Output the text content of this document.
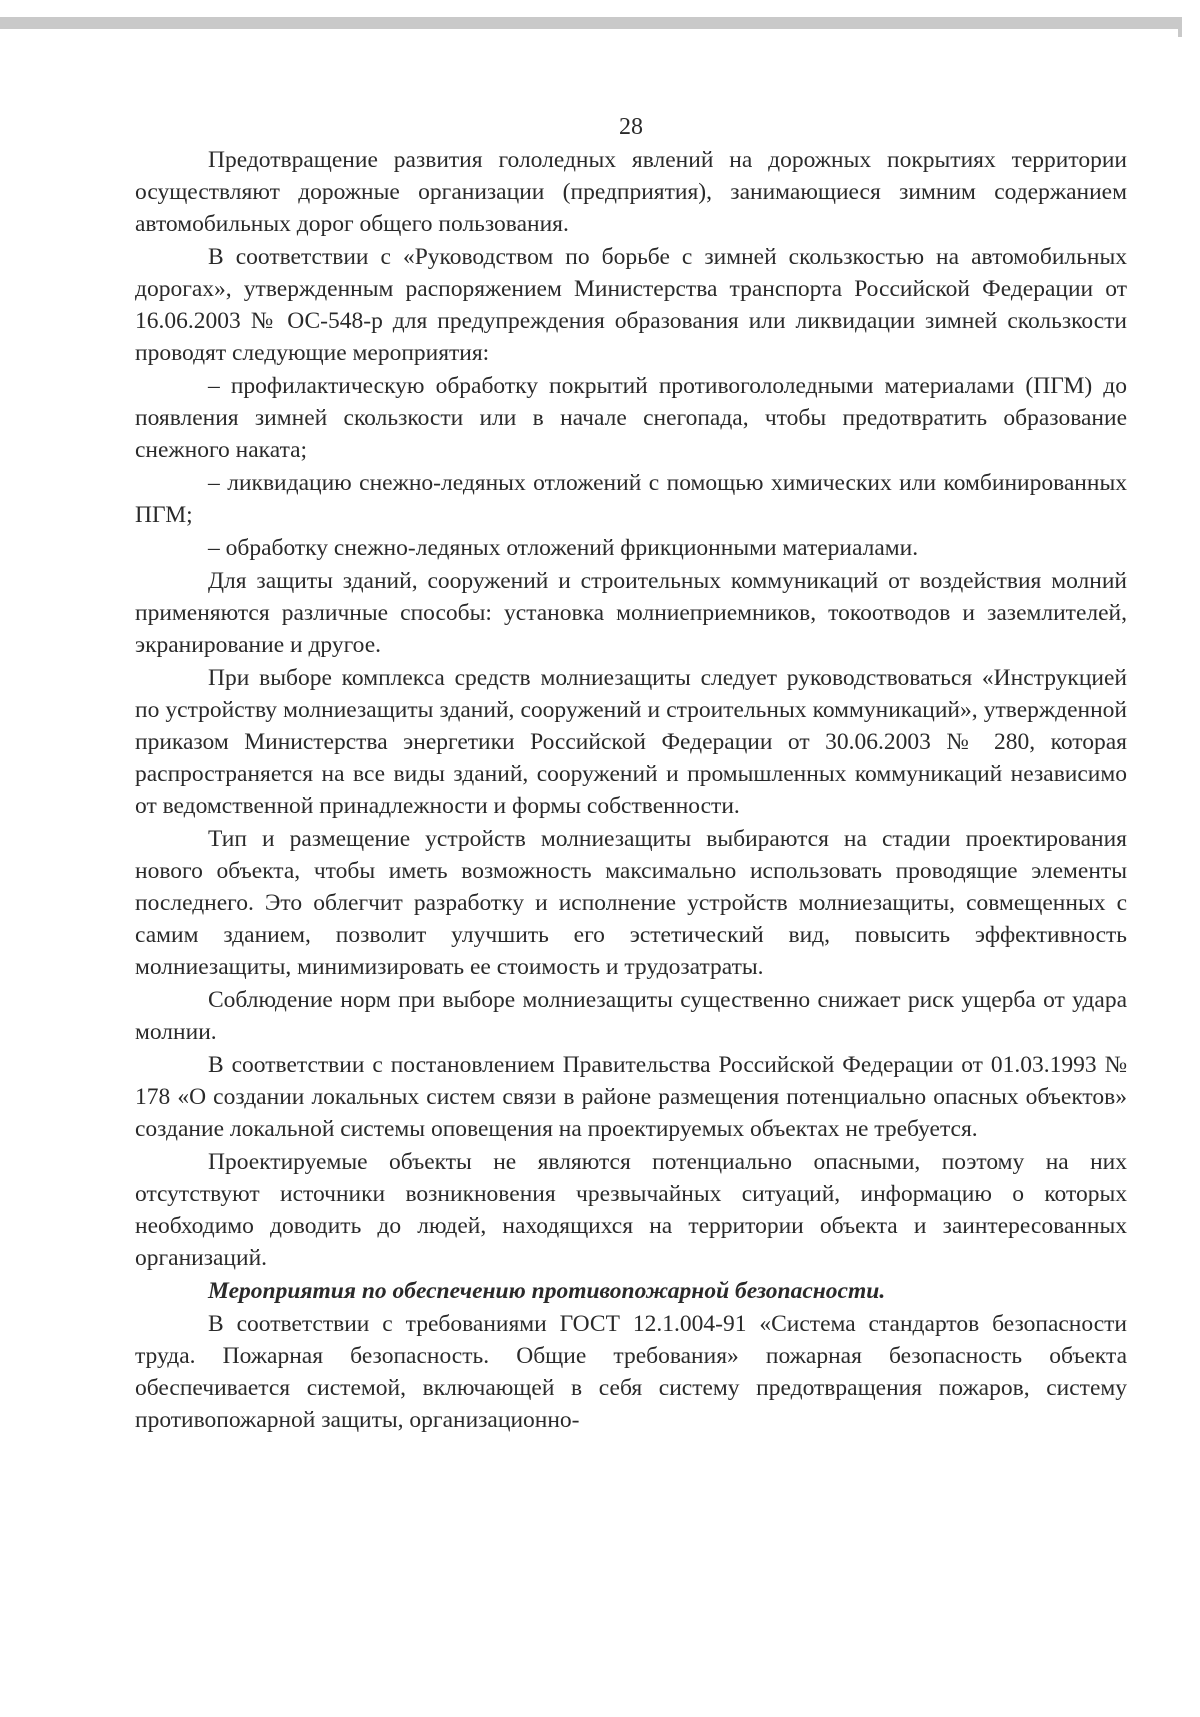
28

Предотвращение развития гололедных явлений на дорожных покрытиях территории осуществляют дорожные организации (предприятия), занимающиеся зимним содержанием автомобильных дорог общего пользования.

В соответствии с «Руководством по борьбе с зимней скользкостью на автомобильных дорогах», утвержденным распоряжением Министерства транспорта Российской Федерации от 16.06.2003 № ОС-548-р для предупреждения образования или ликвидации зимней скользкости проводят следующие мероприятия:

– профилактическую обработку покрытий противогололедными материалами (ПГМ) до появления зимней скользкости или в начале снегопада, чтобы предотвратить образование снежного наката;

– ликвидацию снежно-ледяных отложений с помощью химических или комбинированных ПГМ;

– обработку снежно-ледяных отложений фрикционными материалами.

Для защиты зданий, сооружений и строительных коммуникаций от воздействия молний применяются различные способы: установка молниеприемников, токоотводов и заземлителей, экранирование и другое.

При выборе комплекса средств молниезащиты следует руководствоваться «Инструкцией по устройству молниезащиты зданий, сооружений и строительных коммуникаций», утвержденной приказом Министерства энергетики Российской Федерации от 30.06.2003 № 280, которая распространяется на все виды зданий, сооружений и промышленных коммуникаций независимо от ведомственной принадлежности и формы собственности.

Тип и размещение устройств молниезащиты выбираются на стадии проектирования нового объекта, чтобы иметь возможность максимально использовать проводящие элементы последнего. Это облегчит разработку и исполнение устройств молниезащиты, совмещенных с самим зданием, позволит улучшить его эстетический вид, повысить эффективность молниезащиты, минимизировать ее стоимость и трудозатраты.

Соблюдение норм при выборе молниезащиты существенно снижает риск ущерба от удара молнии.

В соответствии с постановлением Правительства Российской Федерации от 01.03.1993 № 178 «О создании локальных систем связи в районе размещения потенциально опасных объектов» создание локальной системы оповещения на проектируемых объектах не требуется.

Проектируемые объекты не являются потенциально опасными, поэтому на них отсутствуют источники возникновения чрезвычайных ситуаций, информацию о которых необходимо доводить до людей, находящихся на территории объекта и заинтересованных организаций.

Мероприятия по обеспечению противопожарной безопасности.

В соответствии с требованиями ГОСТ 12.1.004-91 «Система стандартов безопасности труда. Пожарная безопасность. Общие требования» пожарная безопасность объекта обеспечивается системой, включающей в себя систему предотвращения пожаров, систему противопожарной защиты, организационно-
